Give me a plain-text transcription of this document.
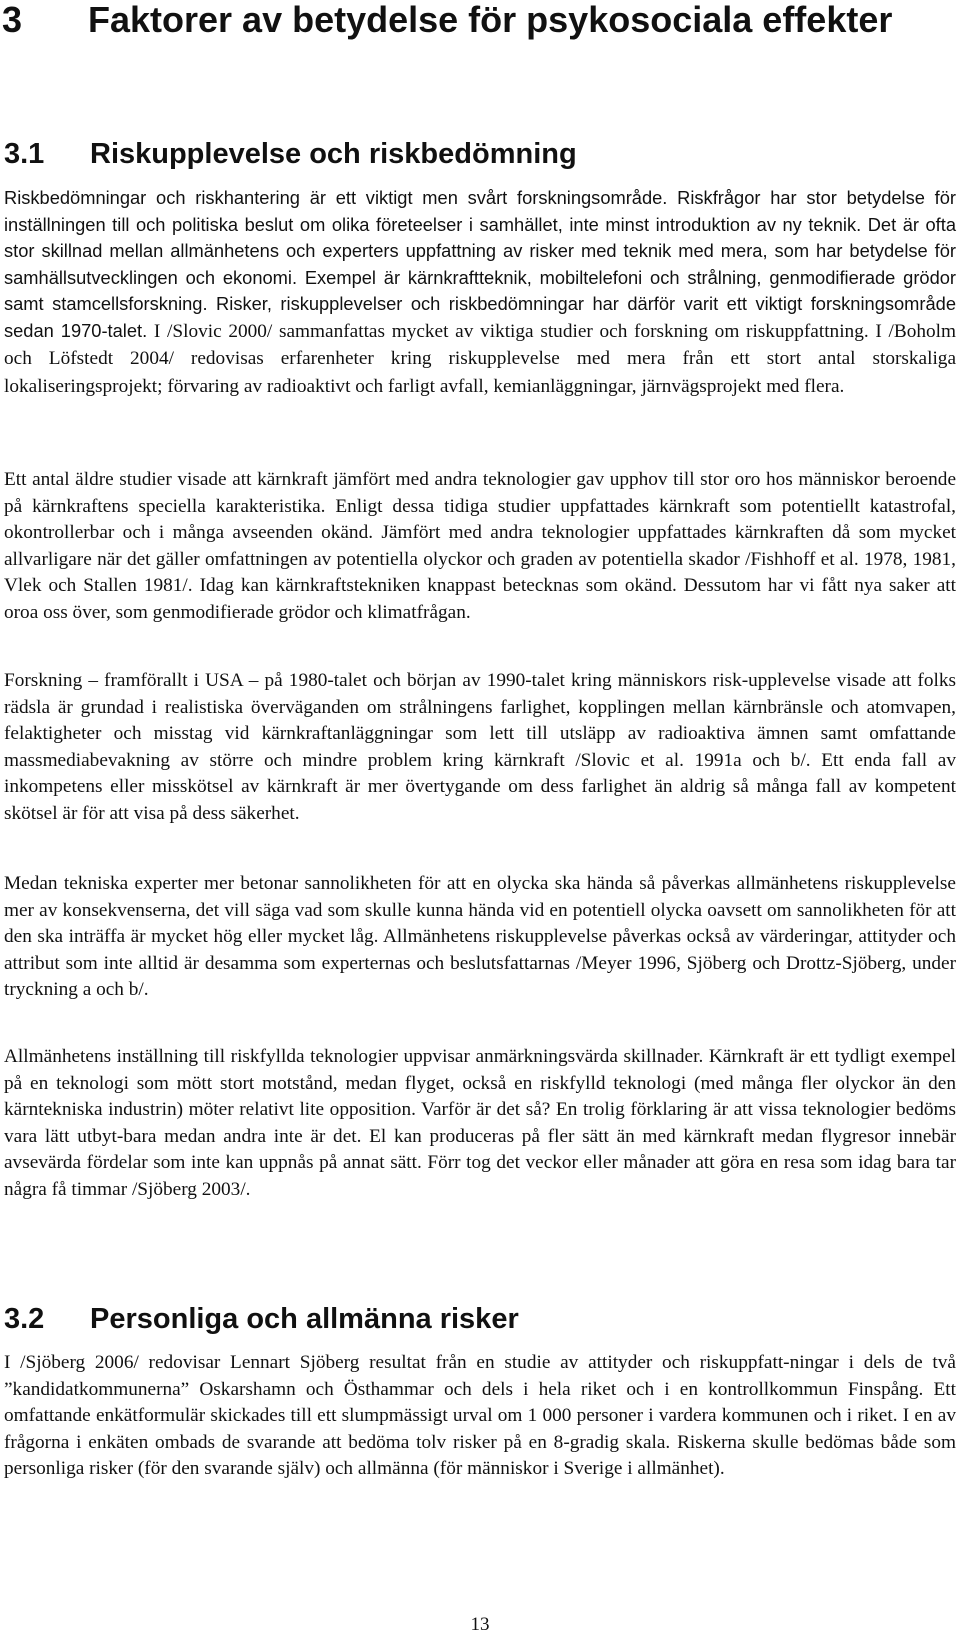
3 Faktorer av betydelse för psykosociala effekter
3.1 Riskupplevelse och riskbedömning

Riskbedömningar och riskhantering är ett viktigt men svårt forskningsområde. Riskfrågor har stor betydelse för inställningen till och politiska beslut om olika företeelser i samhället, inte minst introduktion av ny teknik. Det är ofta stor skillnad mellan allmänhetens och experters uppfattning av risker med teknik med mera, som har betydelse för samhällsutvecklingen och ekonomi. Exempel är kärnkraftteknik, mobiltelefoni och strålning, genmodifierade grödor samt stamcellsforskning. Risker, riskupplevelser och riskbedömningar har därför varit ett viktigt forskningsområde sedan 1970-talet. I /Slovic 2000/ sammanfattas mycket av viktiga studier och forskning om riskuppfattning. I /Boholm och Löfstedt 2004/ redovisas erfarenheter kring riskupplevelse med mera från ett stort antal storskaliga lokaliseringsprojekt; förvaring av radioaktivt och farligt avfall, kemianläggningar, järnvägsprojekt med flera.

Ett antal äldre studier visade att kärnkraft jämfört med andra teknologier gav upphov till stor oro hos människor beroende på kärnkraftens speciella karakteristika. Enligt dessa tidiga studier uppfattades kärnkraft som potentiellt katastrofal, okontrollerbar och i många avseenden okänd. Jämfört med andra teknologier uppfattades kärnkraften då som mycket allvarligare när det gäller omfattningen av potentiella olyckor och graden av potentiella skador /Fishhoff et al. 1978, 1981, Vlek och Stallen 1981/. Idag kan kärnkraftstekniken knappast betecknas som okänd. Dessutom har vi fått nya saker att oroa oss över, som genmodifierade grödor och klimatfrågan.

Forskning – framförallt i USA – på 1980-talet och början av 1990-talet kring människors risk-upplevelse visade att folks rädsla är grundad i realistiska överväganden om strålningens farlighet, kopplingen mellan kärnbränsle och atomvapen, felaktigheter och misstag vid kärnkraftanläggningar som lett till utsläpp av radioaktiva ämnen samt omfattande massmediabevakning av större och mindre problem kring kärnkraft /Slovic et al. 1991a och b/. Ett enda fall av inkompetens eller misskötsel av kärnkraft är mer övertygande om dess farlighet än aldrig så många fall av kompetent skötsel är för att visa på dess säkerhet.

Medan tekniska experter mer betonar sannolikheten för att en olycka ska hända så påverkas allmänhetens riskupplevelse mer av konsekvenserna, det vill säga vad som skulle kunna hända vid en potentiell olycka oavsett om sannolikheten för att den ska inträffa är mycket hög eller mycket låg. Allmänhetens riskupplevelse påverkas också av värderingar, attityder och attribut som inte alltid är desamma som experternas och beslutsfattarnas /Meyer 1996, Sjöberg och Drottz-Sjöberg, under tryckning a och b/.

Allmänhetens inställning till riskfyllda teknologier uppvisar anmärkningsvärda skillnader. Kärnkraft är ett tydligt exempel på en teknologi som mött stort motstånd, medan flyget, också en riskfylld teknologi (med många fler olyckor än den kärntekniska industrin) möter relativt lite opposition. Varför är det så? En trolig förklaring är att vissa teknologier bedöms vara lätt utbyt-bara medan andra inte är det. El kan produceras på fler sätt än med kärnkraft medan flygresor innebär avsevärda fördelar som inte kan uppnås på annat sätt. Förr tog det veckor eller månader att göra en resa som idag bara tar några få timmar /Sjöberg 2003/.

3.2 Personliga och allmänna risker

I /Sjöberg 2006/ redovisar Lennart Sjöberg resultat från en studie av attityder och riskuppfatt-ningar i dels de två ”kandidatkommunerna” Oskarshamn och Östhammar och dels i hela riket och i en kontrollkommun Finspång. Ett omfattande enkätformulär skickades till ett slumpmässigt urval om 1 000 personer i vardera kommunen och i riket. I en av frågorna i enkäten ombads de svarande att bedöma tolv risker på en 8-gradig skala. Riskerna skulle bedömas både som personliga risker (för den svarande själv) och allmänna (för människor i Sverige i allmänhet).

13
